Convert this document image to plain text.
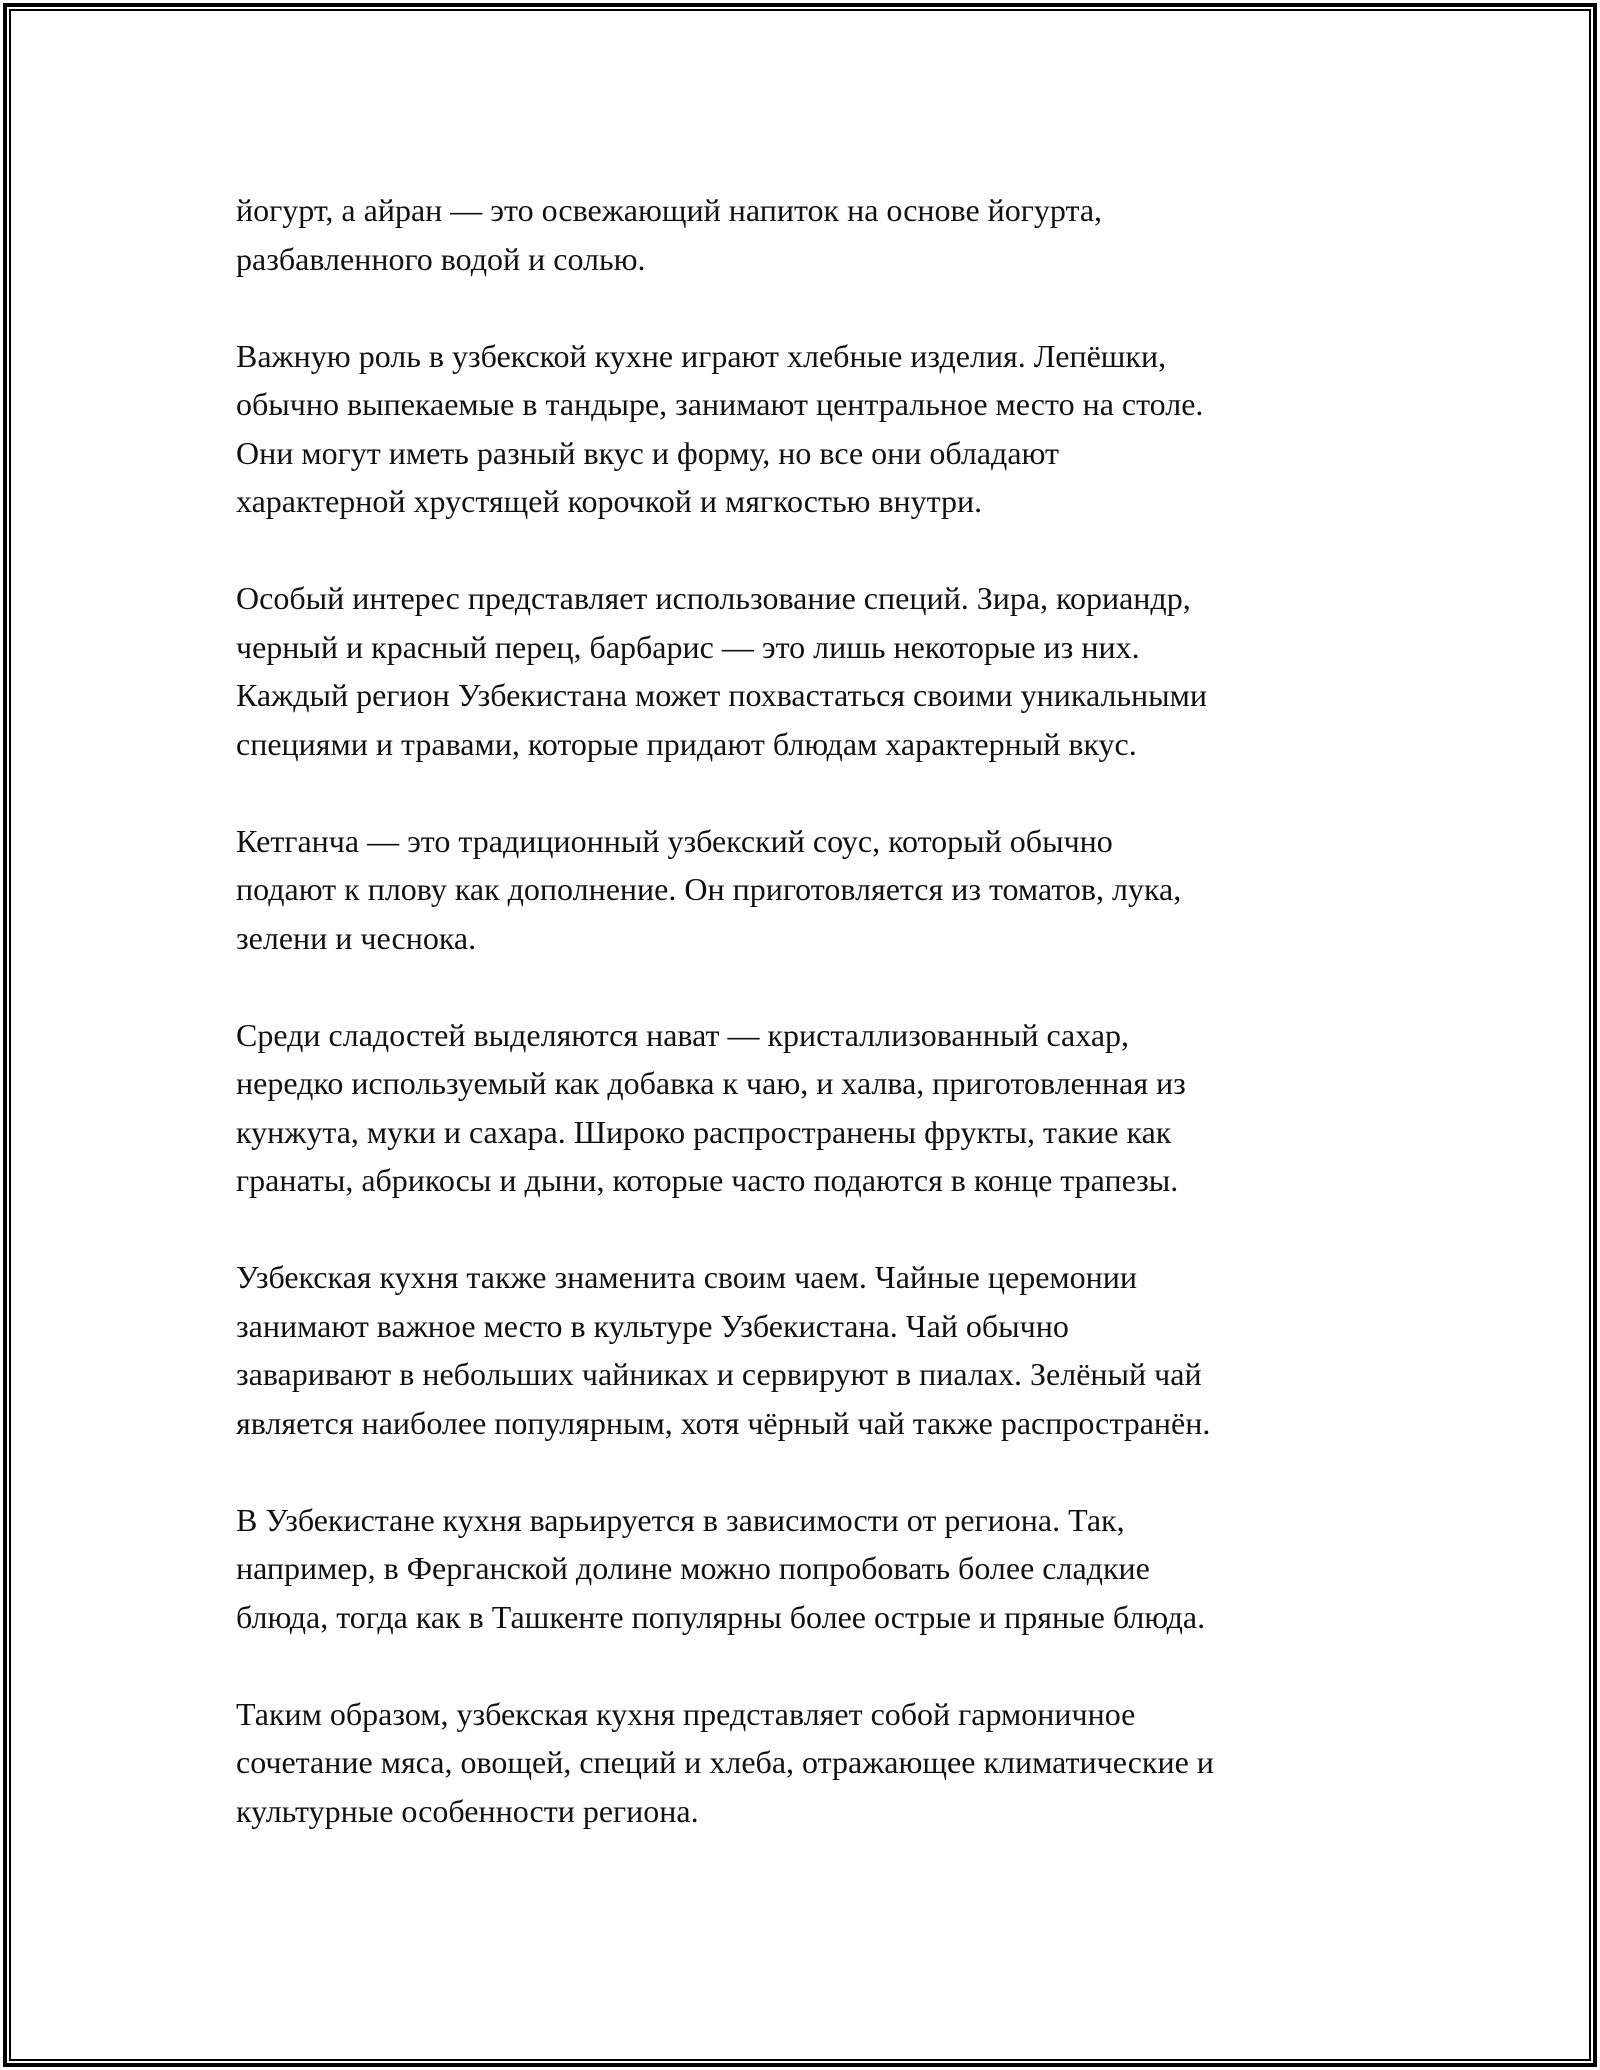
йогурт, а айран — это освежающий напиток на основе йогурта,
разбавленного водой и солью.

Важную роль в узбекской кухне играют хлебные изделия. Лепёшки,
обычно выпекаемые в тандыре, занимают центральное место на столе.
Они могут иметь разный вкус и форму, но все они обладают
характерной хрустящей корочкой и мягкостью внутри.

Особый интерес представляет использование специй. Зира, кориандр,
черный и красный перец, барбарис — это лишь некоторые из них.
Каждый регион Узбекистана может похвастаться своими уникальными
специями и травами, которые придают блюдам характерный вкус.

Кетганча — это традиционный узбекский соус, который обычно
подают к плову как дополнение. Он приготовляется из томатов, лука,
зелени и чеснока.

Среди сладостей выделяются нават — кристаллизованный сахар,
нередко используемый как добавка к чаю, и халва, приготовленная из
кунжута, муки и сахара. Широко распространены фрукты, такие как
гранаты, абрикосы и дыни, которые часто подаются в конце трапезы.

Узбекская кухня также знаменита своим чаем. Чайные церемонии
занимают важное место в культуре Узбекистана. Чай обычно
заваривают в небольших чайниках и сервируют в пиалах. Зелёный чай
является наиболее популярным, хотя чёрный чай также распространён.

В Узбекистане кухня варьируется в зависимости от региона. Так,
например, в Ферганской долине можно попробовать более сладкие
блюда, тогда как в Ташкенте популярны более острые и пряные блюда.

Таким образом, узбекская кухня представляет собой гармоничное
сочетание мяса, овощей, специй и хлеба, отражающее климатические и
культурные особенности региона.
